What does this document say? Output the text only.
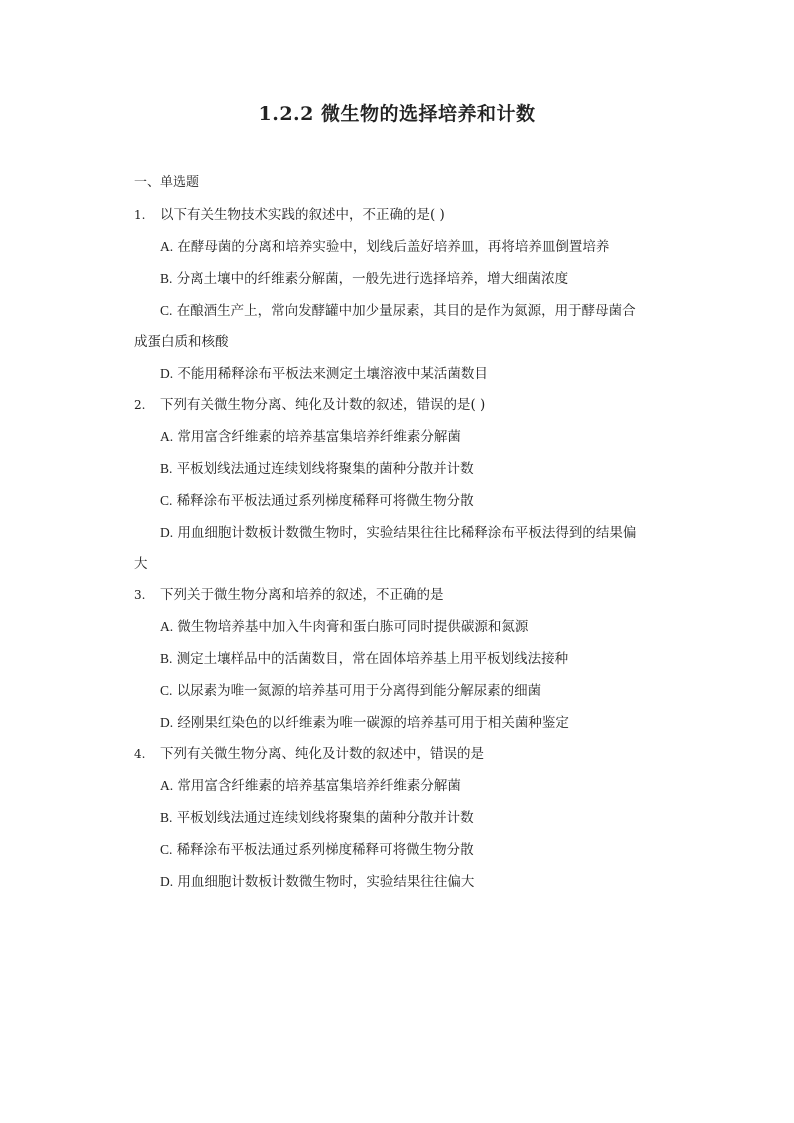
1.2.2 微生物的选择培养和计数
一、单选题
1.	以下有关生物技术实践的叙述中，不正确的是( )
A. 在酵母菌的分离和培养实验中，划线后盖好培养皿，再将培养皿倒置培养
B. 分离土壤中的纤维素分解菌，一般先进行选择培养，增大细菌浓度
C. 在酿酒生产上，常向发酵罐中加少量尿素，其目的是作为氮源，用于酵母菌合
成蛋白质和核酸
D. 不能用稀释涂布平板法来测定土壤溶液中某活菌数目
2.	下列有关微生物分离、纯化及计数的叙述，错误的是( )
A. 常用富含纤维素的培养基富集培养纤维素分解菌
B. 平板划线法通过连续划线将聚集的菌种分散并计数
C. 稀释涂布平板法通过系列梯度稀释可将微生物分散
D. 用血细胞计数板计数微生物时，实验结果往往比稀释涂布平板法得到的结果偏
大
3.	下列关于微生物分离和培养的叙述，不正确的是
A. 微生物培养基中加入牛肉膏和蛋白胨可同时提供碳源和氮源
B. 测定土壤样品中的活菌数目，常在固体培养基上用平板划线法接种
C. 以尿素为唯一氮源的培养基可用于分离得到能分解尿素的细菌
D. 经刚果红染色的以纤维素为唯一碳源的培养基可用于相关菌种鉴定
4.	下列有关微生物分离、纯化及计数的叙述中，错误的是
A. 常用富含纤维素的培养基富集培养纤维素分解菌
B. 平板划线法通过连续划线将聚集的菌种分散并计数
C. 稀释涂布平板法通过系列梯度稀释可将微生物分散
D. 用血细胞计数板计数微生物时，实验结果往往偏大
